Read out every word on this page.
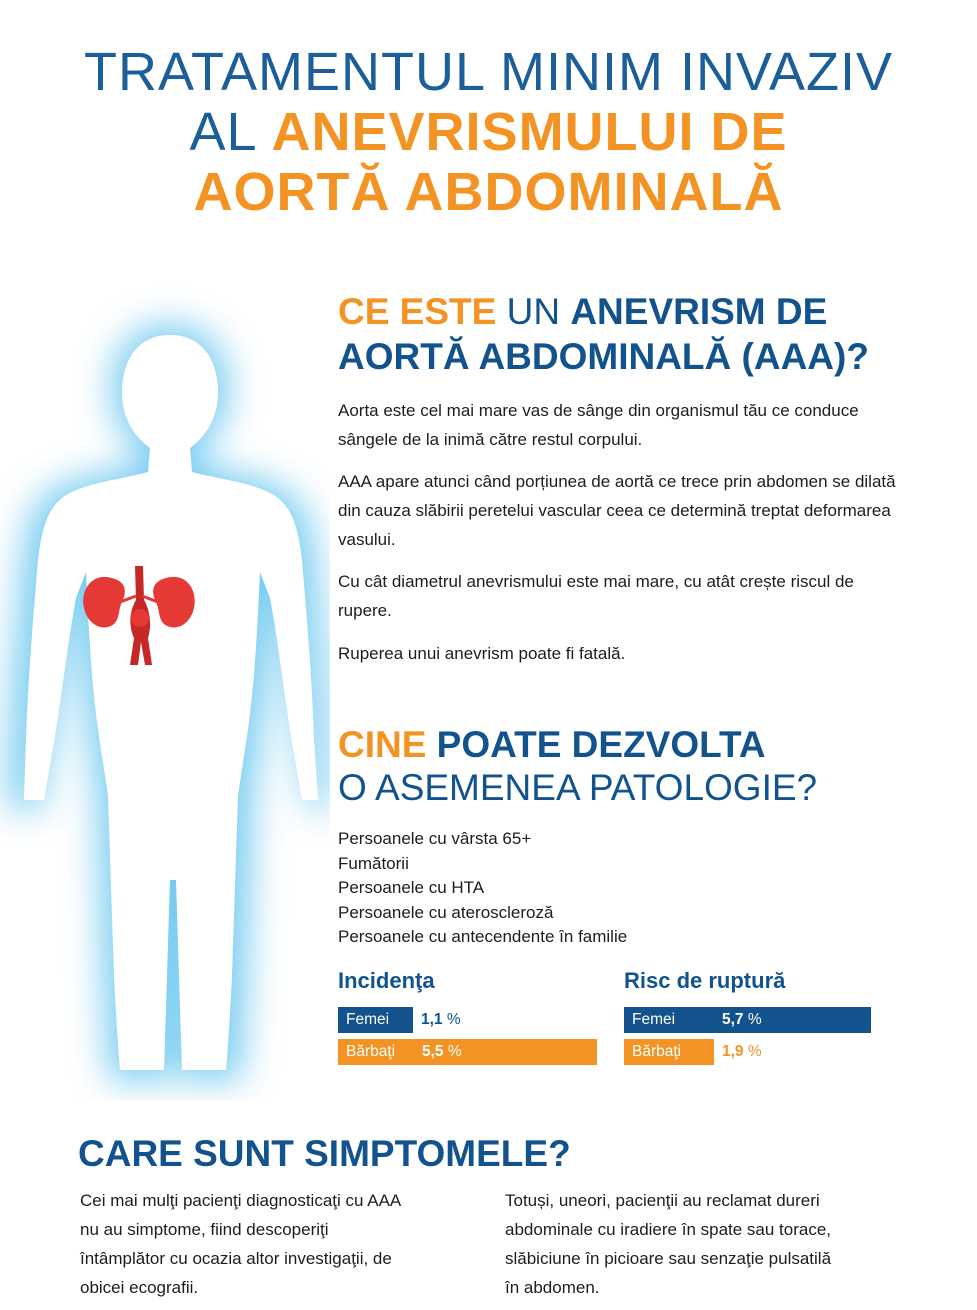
TRATAMENTUL MINIM INVAZIV
AL ANEVRISMULUI DE
AORTĂ ABDOMINALĂ
CE ESTE UN ANEVRISM DE
AORTĂ ABDOMINALĂ (AAA)?

Aorta este cel mai mare vas de sânge din organismul tău ce conduce sângele de la inimă către restul corpului.

AAA apare atunci când porțiunea de aortă ce trece prin abdomen se dilată din cauza slăbirii peretelui vascular ceea ce determină treptat deformarea vasului.

Cu cât diametrul anevrismului este mai mare, cu atât crește riscul de rupere.

Ruperea unui anevrism poate fi fatală.

CINE POATE DEZVOLTA
O ASEMENEA PATOLOGIE?
Persoanele cu vârsta 65+
Fumătorii
Persoanele cu HTA
Persoanele cu ateroscleroză
Persoanele cu antecendente în familie
Incidenţa
Femei 1,1 %
Bărbaţi 5,5 %
Risc de ruptură
Femei	5,7 %
Bărbaţi	1,9 %
CARE SUNT SIMPTOMELE?
Cei mai mulţi pacienţi diagnosticaţi cu AAA
nu au simptome, fiind descoperiţi
întâmplător cu ocazia altor investigaţii, de
obicei ecografii.
Totuși, uneori, pacienţii au reclamat dureri
abdominale cu iradiere în spate sau torace,
slăbiciune în picioare sau senzaţie pulsatilă
în abdomen.
